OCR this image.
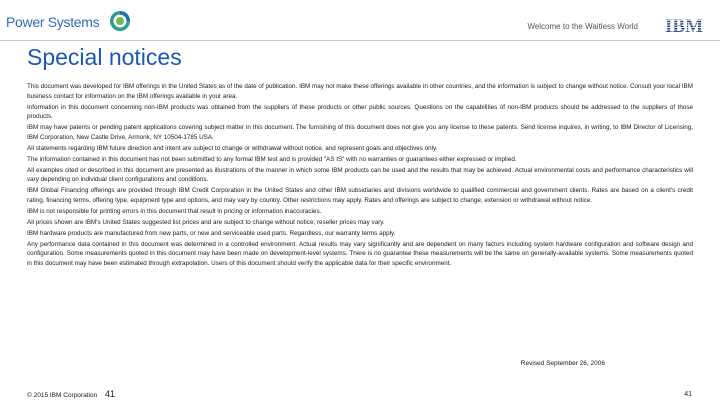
Power Systems	Welcome to the Waitless World IBM
Special notices

This document was developed for IBM offerings in the United States as of the date of publication. IBM may not make these offerings available in other countries, and the information is subject to change without notice. Consult your local IBM business contact for information on the IBM offerings available in your area.

Information in this document concerning non-IBM products was obtained from the suppliers of these products or other public sources. Questions on the capabilities of non-IBM products should be addressed to the suppliers of those products.

IBM may have patents or pending patent applications covering subject matter in this document. The furnishing of this document does not give you any license to these patents. Send license inquires, in writing, to IBM Director of Licensing, IBM Corporation, New Castle Drive, Armonk, NY 10504-1785 USA.

All statements regarding IBM future direction and intent are subject to change or withdrawal without notice, and represent goals and objectives only.

The information contained in this document has not been submitted to any formal IBM test and is provided "AS IS" with no warranties or guarantees either expressed or implied.

All examples cited or described in this document are presented as illustrations of the manner in which some IBM products can be used and the results that may be achieved. Actual environmental costs and performance characteristics will vary depending on individual client configurations and conditions.

IBM Global Financing offerings are provided through IBM Credit Corporation in the United States and other IBM subsidiaries and divisions worldwide to qualified commercial and government clients. Rates are based on a client's credit rating, financing terms, offering type, equipment type and options, and may vary by country. Other restrictions may apply. Rates and offerings are subject to change, extension or withdrawal without notice.

IBM is not responsible for printing errors in this document that result in pricing or information inaccuracies.

All prices shown are IBM's United States suggested list prices and are subject to change without notice; reseller prices may vary.

IBM hardware products are manufactured from new parts, or new and serviceable used parts. Regardless, our warranty terms apply.

Any performance data contained in this document was determined in a controlled environment. Actual results may vary significantly and are dependent on many factors including system hardware configuration and software design and configuration. Some measurements quoted in this document may have been made on development-level systems. There is no guarantee these measurements will be the same on generally-available systems. Some measurements quoted in this document may have been estimated through extrapolation. Users of this document should verify the applicable data for their specific environment.

Revised September 26, 2006
© 2015 IBM Corporation 41	41
